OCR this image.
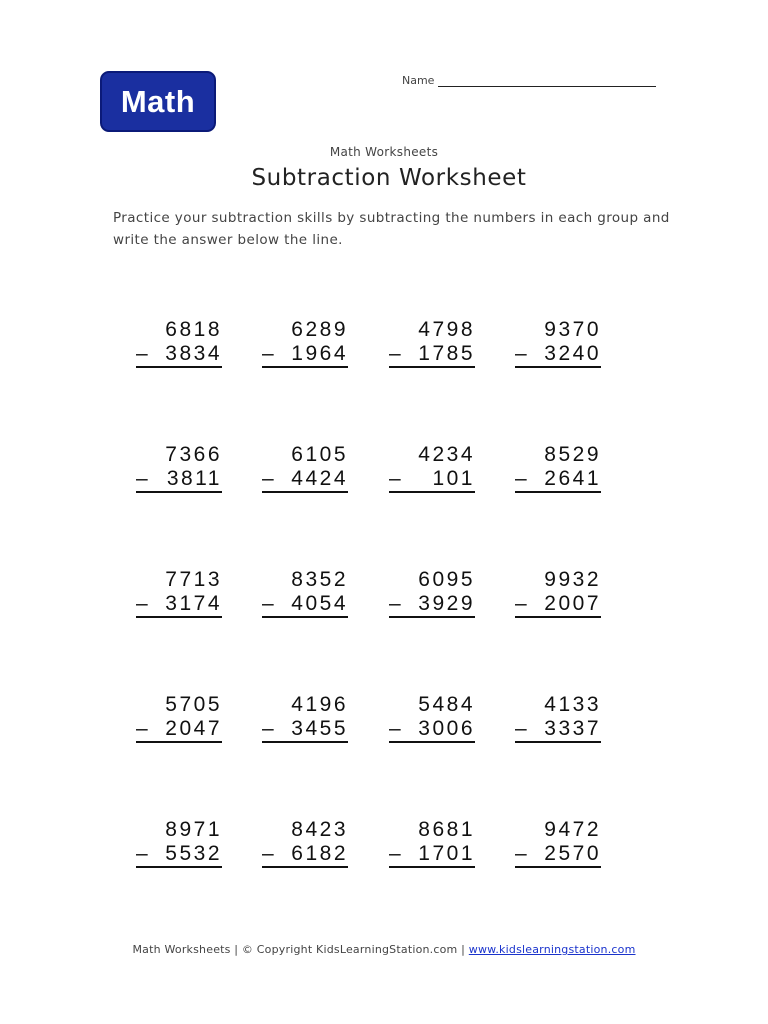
Math
Name
Math Worksheets
Subtraction Worksheet
Practice your subtraction skills by subtracting the numbers in each group and write the answer below the line.
6818
– 3834
6289
– 1964
4798
– 1785
9370
– 3240
7366
– 3811
6105
– 4424
4234
– 101
8529
– 2641
7713
– 3174
8352
– 4054
6095
– 3929
9932
– 2007
5705
– 2047
4196
– 3455
5484
– 3006
4133
– 3337
8971
– 5532
8423
– 6182
8681
– 1701
9472
– 2570
Math Worksheets | © Copyright KidsLearningStation.com | www.kidslearningstation.com
